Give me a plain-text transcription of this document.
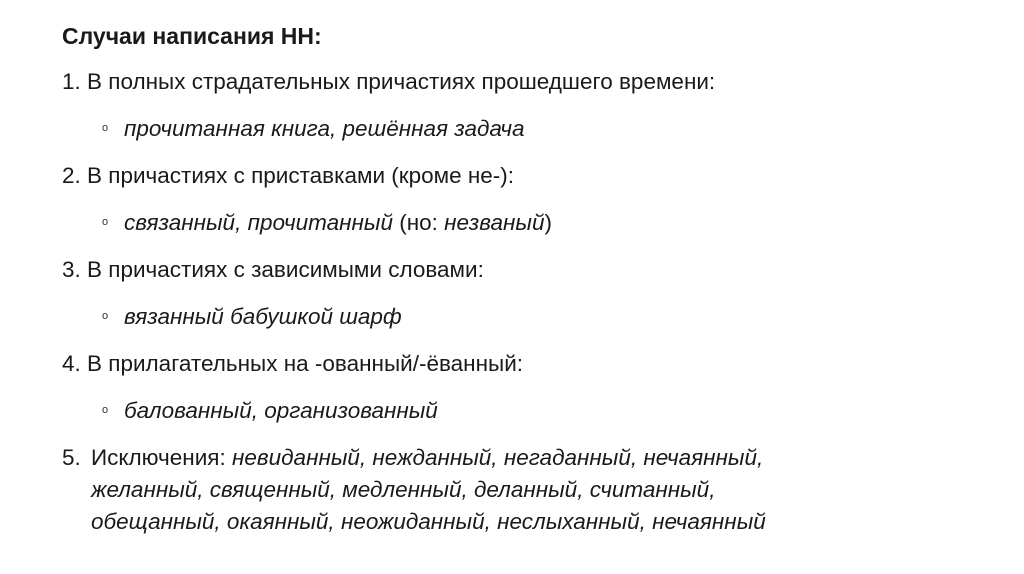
Случаи написания НН:
1. В полных страдательных причастиях прошедшего времени:
o прочитанная книга, решённая задача
2. В причастиях с приставками (кроме не-):
o связанный, прочитанный (но: незваный)
3. В причастиях с зависимыми словами:
o вязанный бабушкой шарф
4. В прилагательных на -ованный/-ёванный:
o балованный, организованный
5. Исключения: невиданный, нежданный, негаданный, нечаянный,
желанный, священный, медленный, деланный, считанный,
обещанный, окаянный, неожиданный, неслыханный, нечаянный
